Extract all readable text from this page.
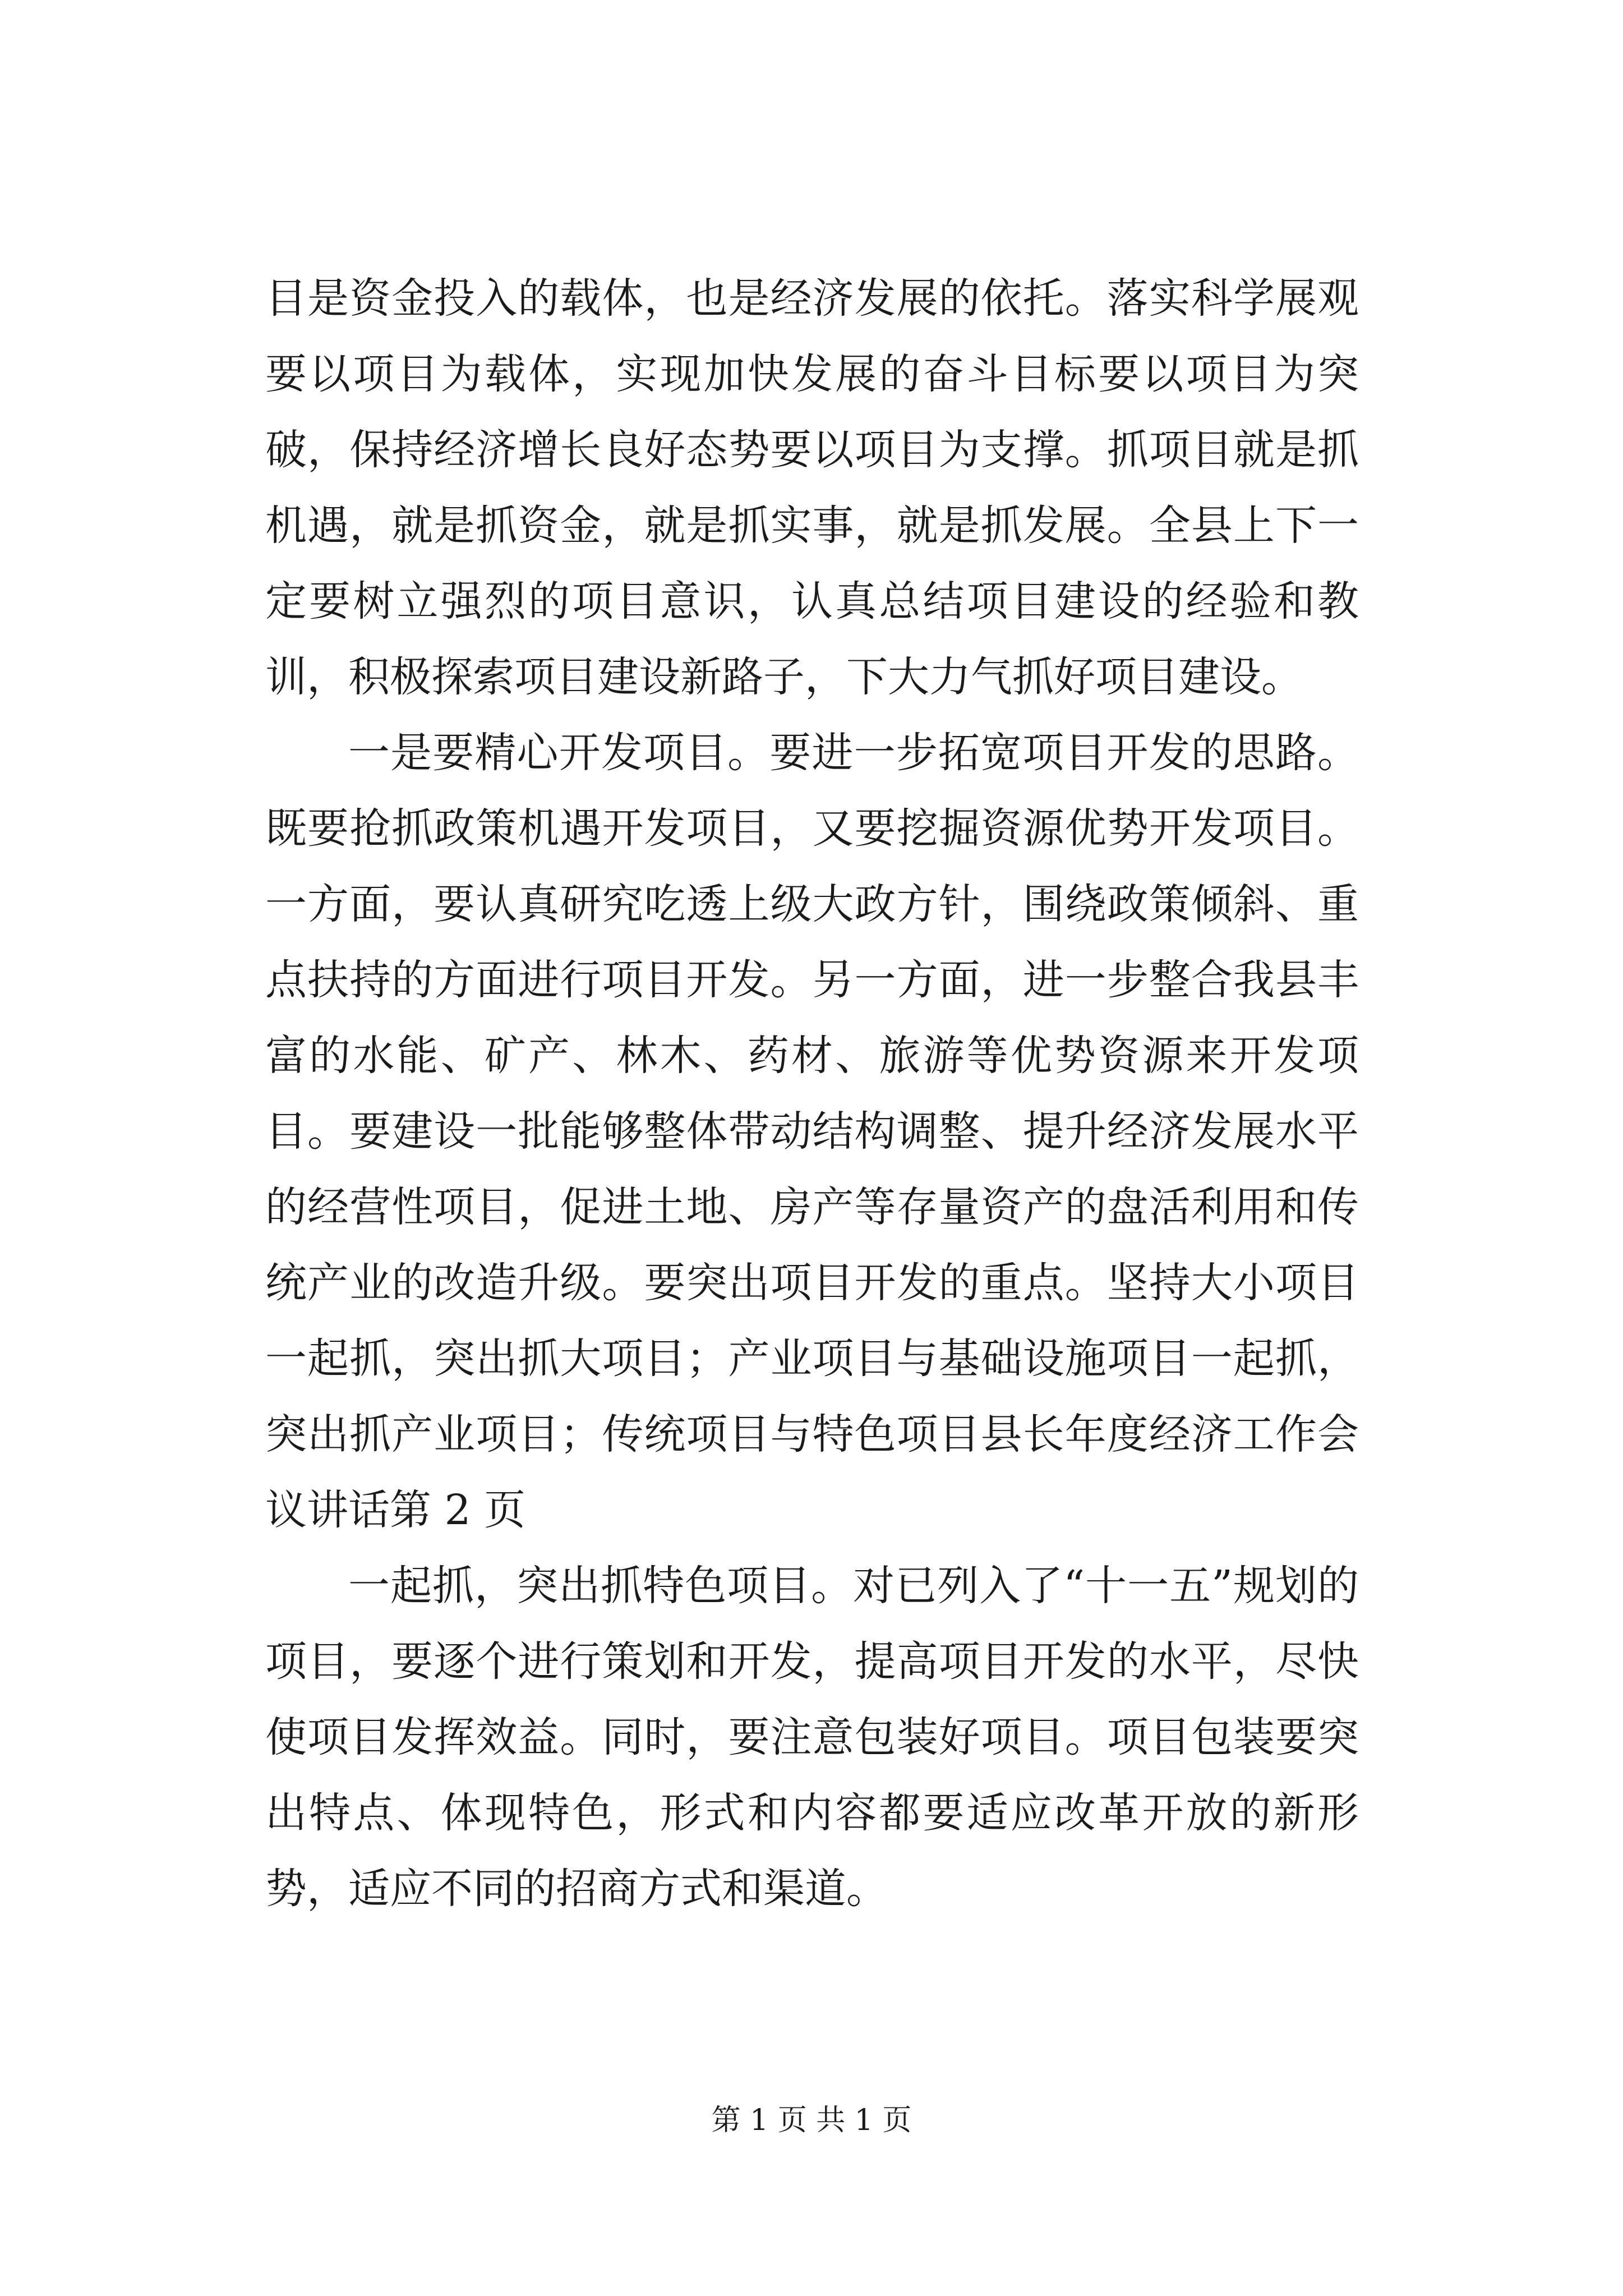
目是资金投入的载体，也是经济发展的依托。落实科学展观要以项目为载体，实现加快发展的奋斗目标要以项目为突破，保持经济增长良好态势要以项目为支撑。抓项目就是抓机遇，就是抓资金，就是抓实事，就是抓发展。全县上下一定要树立强烈的项目意识，认真总结项目建设的经验和教训，积极探索项目建设新路子，下大力气抓好项目建设。

一是要精心开发项目。要进一步拓宽项目开发的思路。既要抢抓政策机遇开发项目，又要挖掘资源优势开发项目。一方面，要认真研究吃透上级大政方针，围绕政策倾斜、重点扶持的方面进行项目开发。另一方面，进一步整合我县丰富的水能、矿产、林木、药材、旅游等优势资源来开发项目。要建设一批能够整体带动结构调整、提升经济发展水平的经营性项目，促进土地、房产等存量资产的盘活利用和传统产业的改造升级。要突出项目开发的重点。坚持大小项目一起抓，突出抓大项目；产业项目与基础设施项目一起抓，突出抓产业项目；传统项目与特色项目县长年度经济工作会议讲话第 2 页

一起抓，突出抓特色项目。对已列入了“十一五”规划的项目，要逐个进行策划和开发，提高项目开发的水平，尽快使项目发挥效益。同时，要注意包装好项目。项目包装要突出特点、体现特色，形式和内容都要适应改革开放的新形势，适应不同的招商方式和渠道。

第 1 页 共 1 页
